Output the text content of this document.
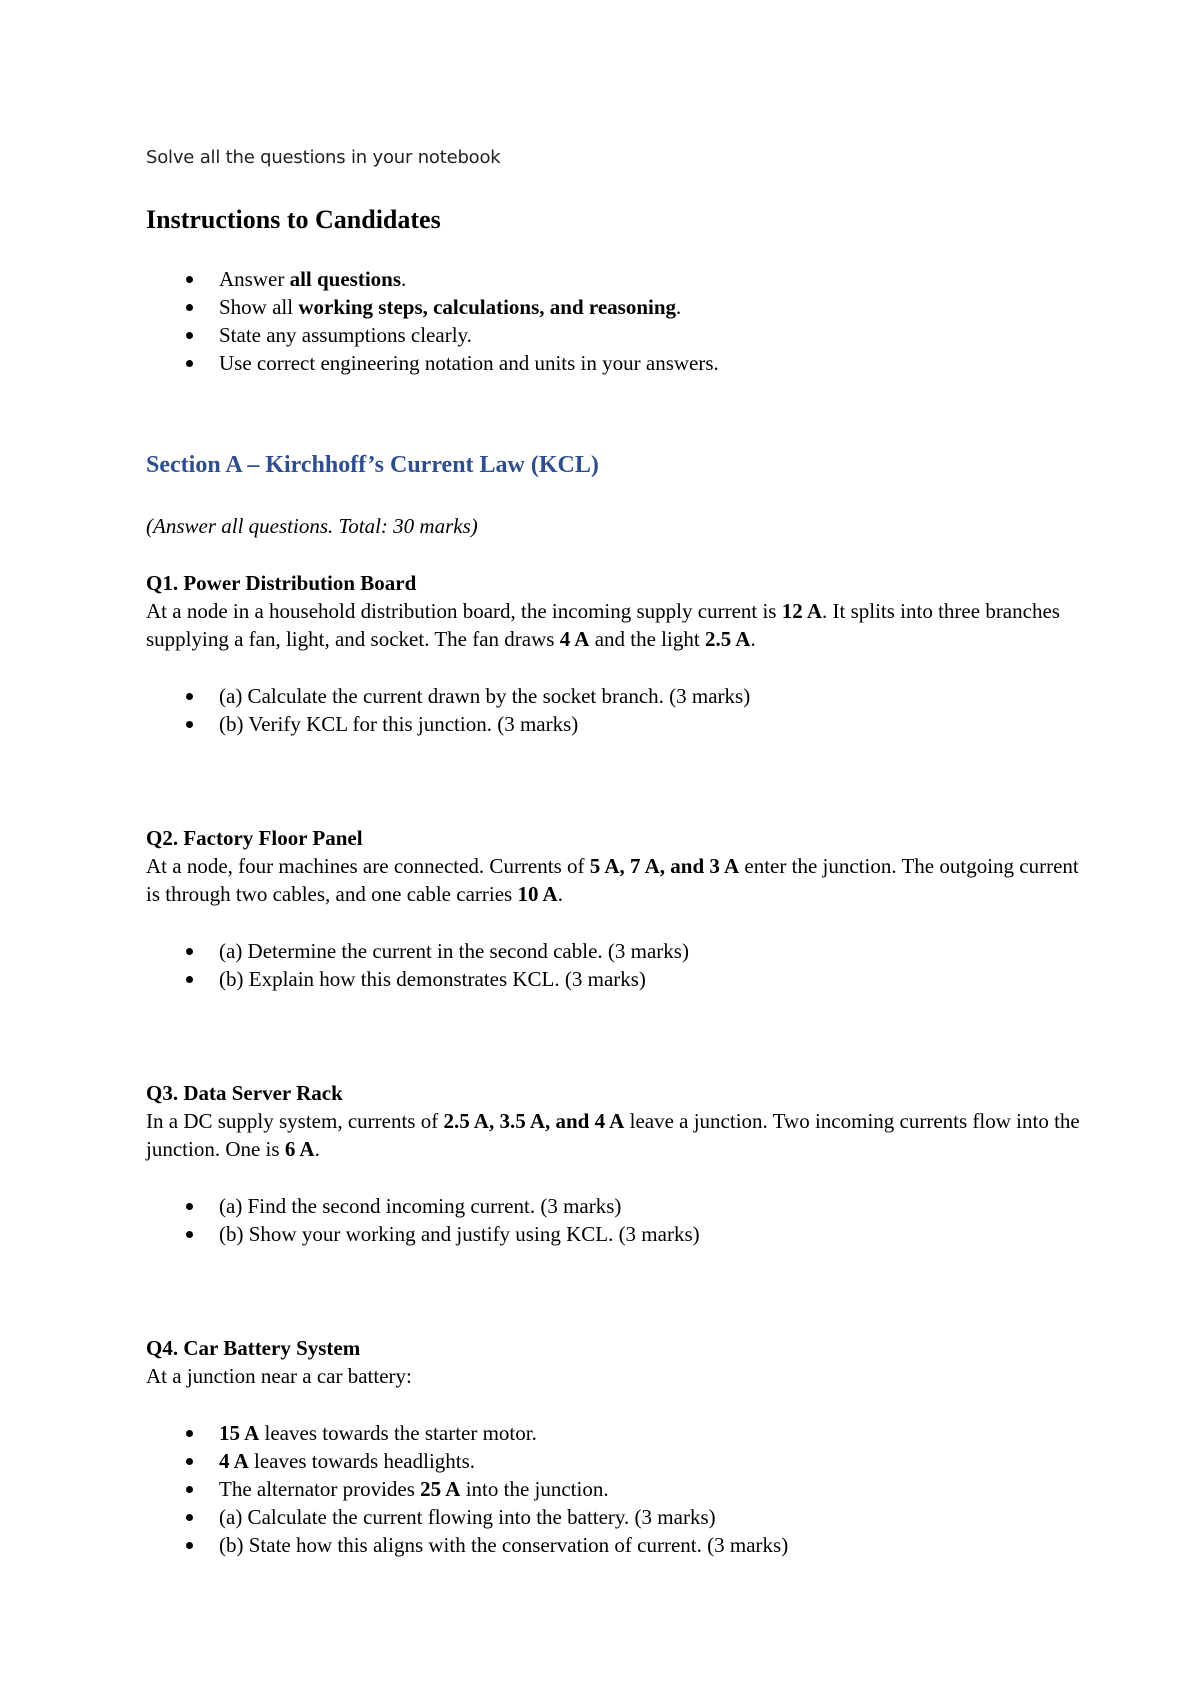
Solve all the questions in your notebook
Instructions to Candidates
Answer all questions.
Show all working steps, calculations, and reasoning.
State any assumptions clearly.
Use correct engineering notation and units in your answers.
Section A – Kirchhoff’s Current Law (KCL)
(Answer all questions. Total: 30 marks)
Q1. Power Distribution Board
At a node in a household distribution board, the incoming supply current is 12 A. It splits into three branches supplying a fan, light, and socket. The fan draws 4 A and the light 2.5 A.
(a) Calculate the current drawn by the socket branch. (3 marks)
(b) Verify KCL for this junction. (3 marks)
Q2. Factory Floor Panel
At a node, four machines are connected. Currents of 5 A, 7 A, and 3 A enter the junction. The outgoing current is through two cables, and one cable carries 10 A.
(a) Determine the current in the second cable. (3 marks)
(b) Explain how this demonstrates KCL. (3 marks)
Q3. Data Server Rack
In a DC supply system, currents of 2.5 A, 3.5 A, and 4 A leave a junction. Two incoming currents flow into the junction. One is 6 A.
(a) Find the second incoming current. (3 marks)
(b) Show your working and justify using KCL. (3 marks)
Q4. Car Battery System
At a junction near a car battery:
15 A leaves towards the starter motor.
4 A leaves towards headlights.
The alternator provides 25 A into the junction.
(a) Calculate the current flowing into the battery. (3 marks)
(b) State how this aligns with the conservation of current. (3 marks)
